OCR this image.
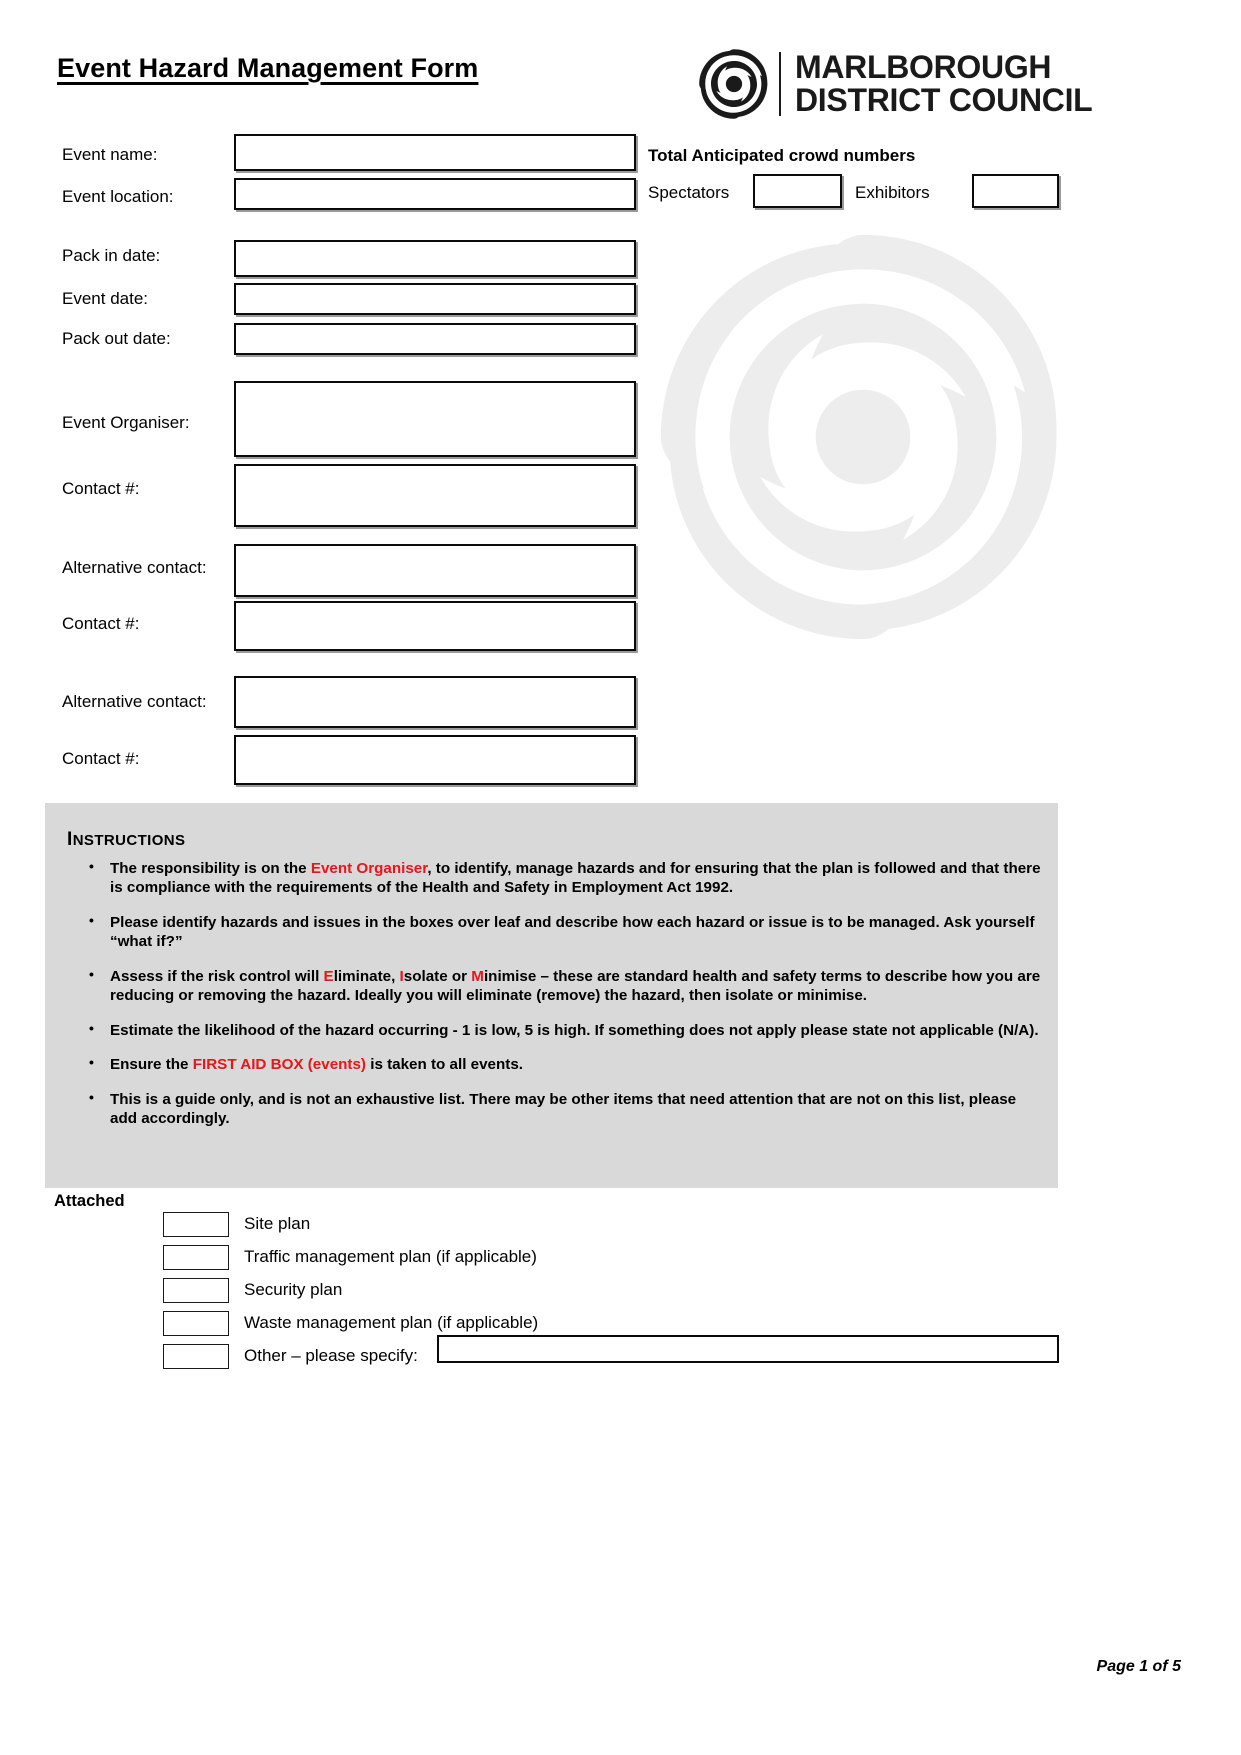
Event Hazard Management Form	MARLBOROUGH
DISTRICT COUNCIL
Event name:
Event location:
Pack in date:
Event date:
Pack out date:
Event Organiser:
Contact #:
Alternative contact:
Contact #:
Alternative contact:
Contact #:
Total Anticipated crowd numbers
Spectators	Exhibitors
INSTRUCTIONS
• The responsibility is on the Event Organiser, to identify, manage hazards and for ensuring that the plan is followed and that there is compliance with the requirements of the Health and Safety in Employment Act 1992.
• Please identify hazards and issues in the boxes over leaf and describe how each hazard or issue is to be managed. Ask yourself “what if?”
• Assess if the risk control will Eliminate, Isolate or Minimise – these are standard health and safety terms to describe how you are reducing or removing the hazard. Ideally you will eliminate (remove) the hazard, then isolate or minimise.
• Estimate the likelihood of the hazard occurring - 1 is low, 5 is high. If something does not apply please state not applicable (N/A).
• Ensure the FIRST AID BOX (events) is taken to all events.
• This is a guide only, and is not an exhaustive list. There may be other items that need attention that are not on this list, please add accordingly.
Attached
Site plan
Traffic management plan (if applicable)
Security plan
Waste management plan (if applicable)
Other – please specify:
Page 1 of 5
